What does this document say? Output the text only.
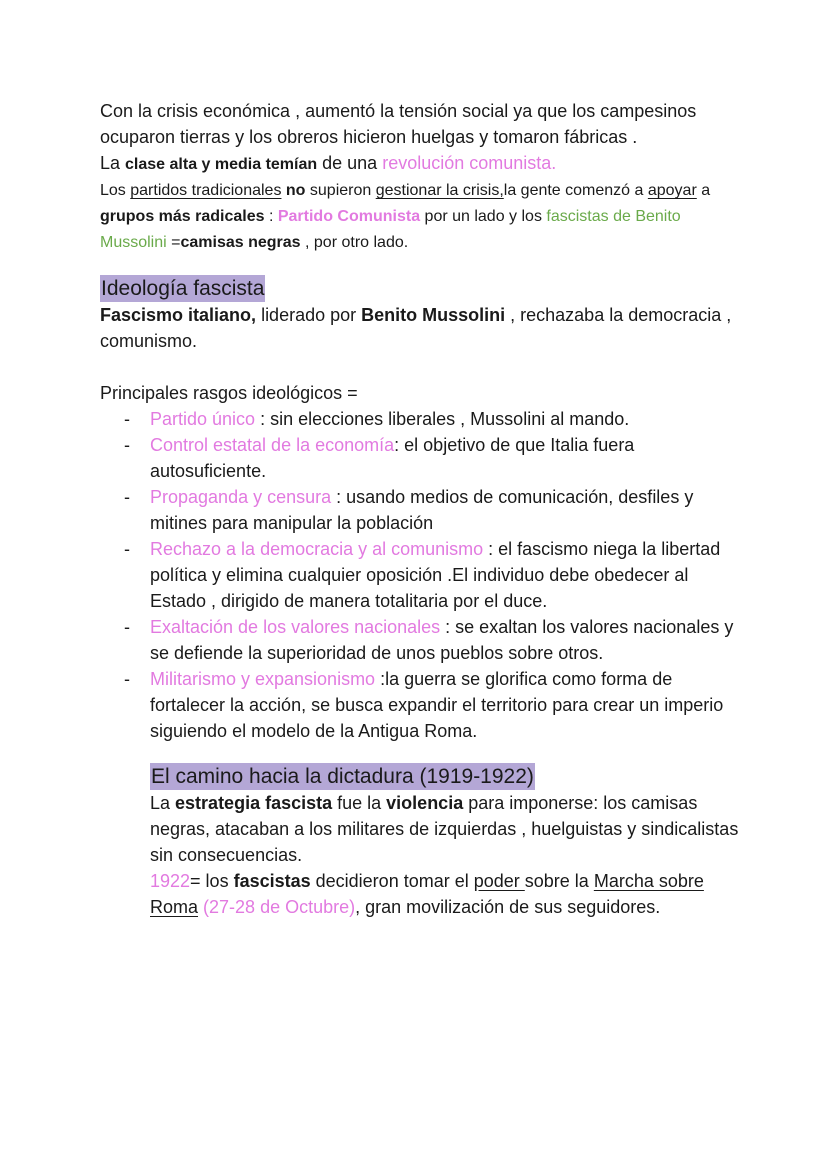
Con la crisis económica , aumentó la tensión social ya que los campesinos ocuparon tierras y los obreros hicieron huelgas y tomaron fábricas .

La clase alta y media temían de una revolución comunista.

Los partidos tradicionales no supieron gestionar la crisis,la gente comenzó a apoyar a grupos más radicales : Partido Comunista por un lado y los fascistas de Benito Mussolini =camisas negras , por otro lado.

Ideología fascista

Fascismo italiano, liderado por Benito Mussolini , rechazaba la democracia , comunismo.

Principales rasgos ideológicos =

- Partido único : sin elecciones liberales , Mussolini al mando.
- Control estatal de la economía: el objetivo de que Italia fuera autosuficiente.
- Propaganda y censura : usando medios de comunicación, desfiles y mitines para manipular la población
- Rechazo a la democracia y al comunismo : el fascismo niega la libertad política y elimina cualquier oposición .El individuo debe obedecer al Estado , dirigido de manera totalitaria por el duce.
- Exaltación de los valores nacionales : se exaltan los valores nacionales y se defiende la superioridad de unos pueblos sobre otros.
- Militarismo y expansionismo :la guerra se glorifica como forma de fortalecer la acción, se busca expandir el territorio para crear un imperio siguiendo el modelo de la Antigua Roma.

El camino hacia la dictadura (1919-1922)

La estrategia fascista fue la violencia para imponerse: los camisas negras, atacaban a los militares de izquierdas , huelguistas y sindicalistas sin consecuencias.

1922= los fascistas decidieron tomar el poder sobre la Marcha sobre Roma (27-28 de Octubre), gran movilización de sus seguidores.
